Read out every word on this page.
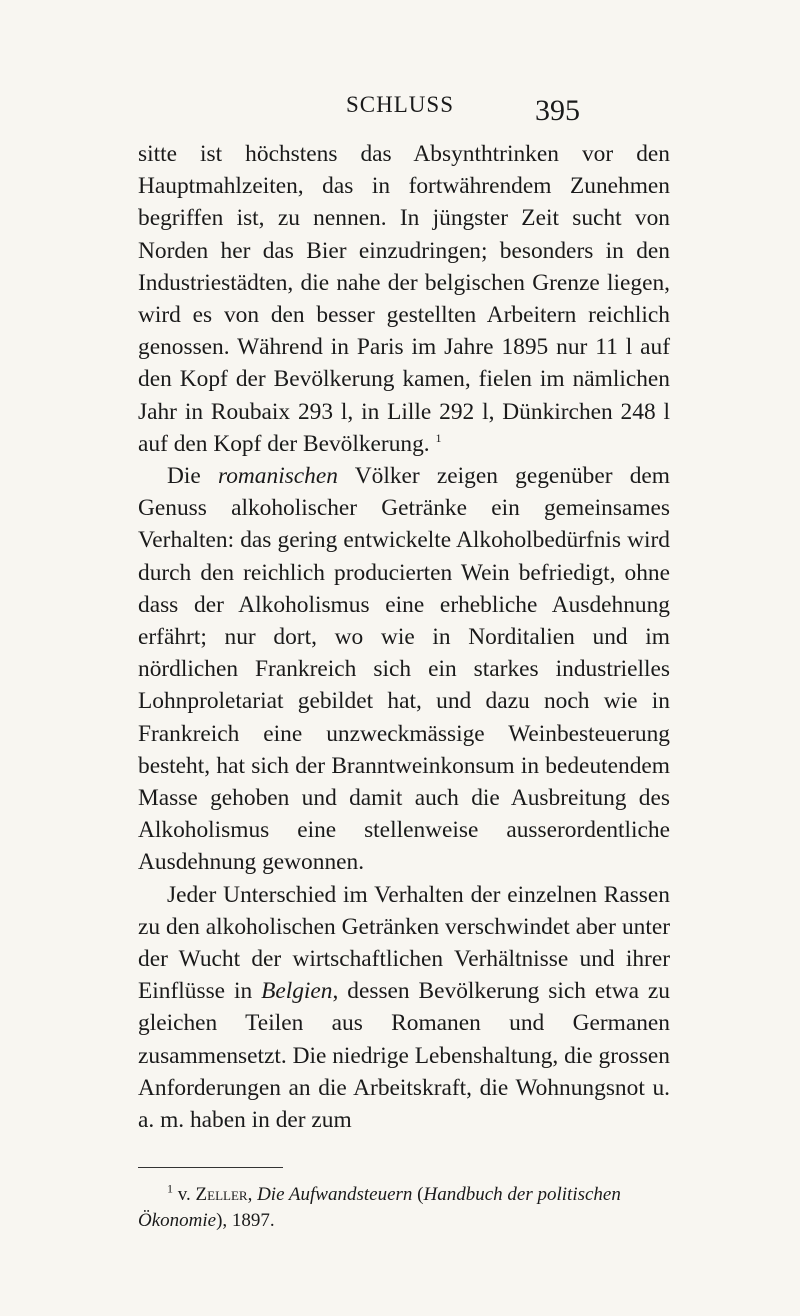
SCHLUSS	395

sitte ist höchstens das Absynthtrinken vor den Hauptmahlzeiten, das in fortwährendem Zunehmen begriffen ist, zu nennen. In jüngster Zeit sucht von Norden her das Bier einzudringen; besonders in den Industriestädten, die nahe der belgischen Grenze liegen, wird es von den besser gestellten Arbeitern reichlich genossen. Während in Paris im Jahre 1895 nur 11 l auf den Kopf der Bevölkerung kamen, fielen im nämlichen Jahr in Roubaix 293 l, in Lille 292 l, Dünkirchen 248 l auf den Kopf der Bevölkerung. $^1$

Die romanischen Völker zeigen gegenüber dem Genuss alkoholischer Getränke ein gemeinsames Verhalten: das gering entwickelte Alkoholbedürfnis wird durch den reichlich producierten Wein befriedigt, ohne dass der Alkoholismus eine erhebliche Ausdehnung erfährt; nur dort, wo wie in Norditalien und im nördlichen Frankreich sich ein starkes industrielles Lohnproletariat gebildet hat, und dazu noch wie in Frankreich eine unzweckmässige Weinbesteuerung besteht, hat sich der Branntweinkonsum in bedeutendem Masse gehoben und damit auch die Ausbreitung des Alkoholismus eine stellenweise ausserordentliche Ausdehnung gewonnen.

Jeder Unterschied im Verhalten der einzelnen Rassen zu den alkoholischen Getränken verschwindet aber unter der Wucht der wirtschaftlichen Verhältnisse und ihrer Einflüsse in Belgien, dessen Bevölkerung sich etwa zu gleichen Teilen aus Romanen und Germanen zusammensetzt. Die niedrige Lebenshaltung, die grossen Anforderungen an die Arbeitskraft, die Wohnungsnot u. a. m. haben in der zum

$^1$ v. Zeller, Die Aufwandsteuern (Handbuch der politischen Ökonomie), 1897.
